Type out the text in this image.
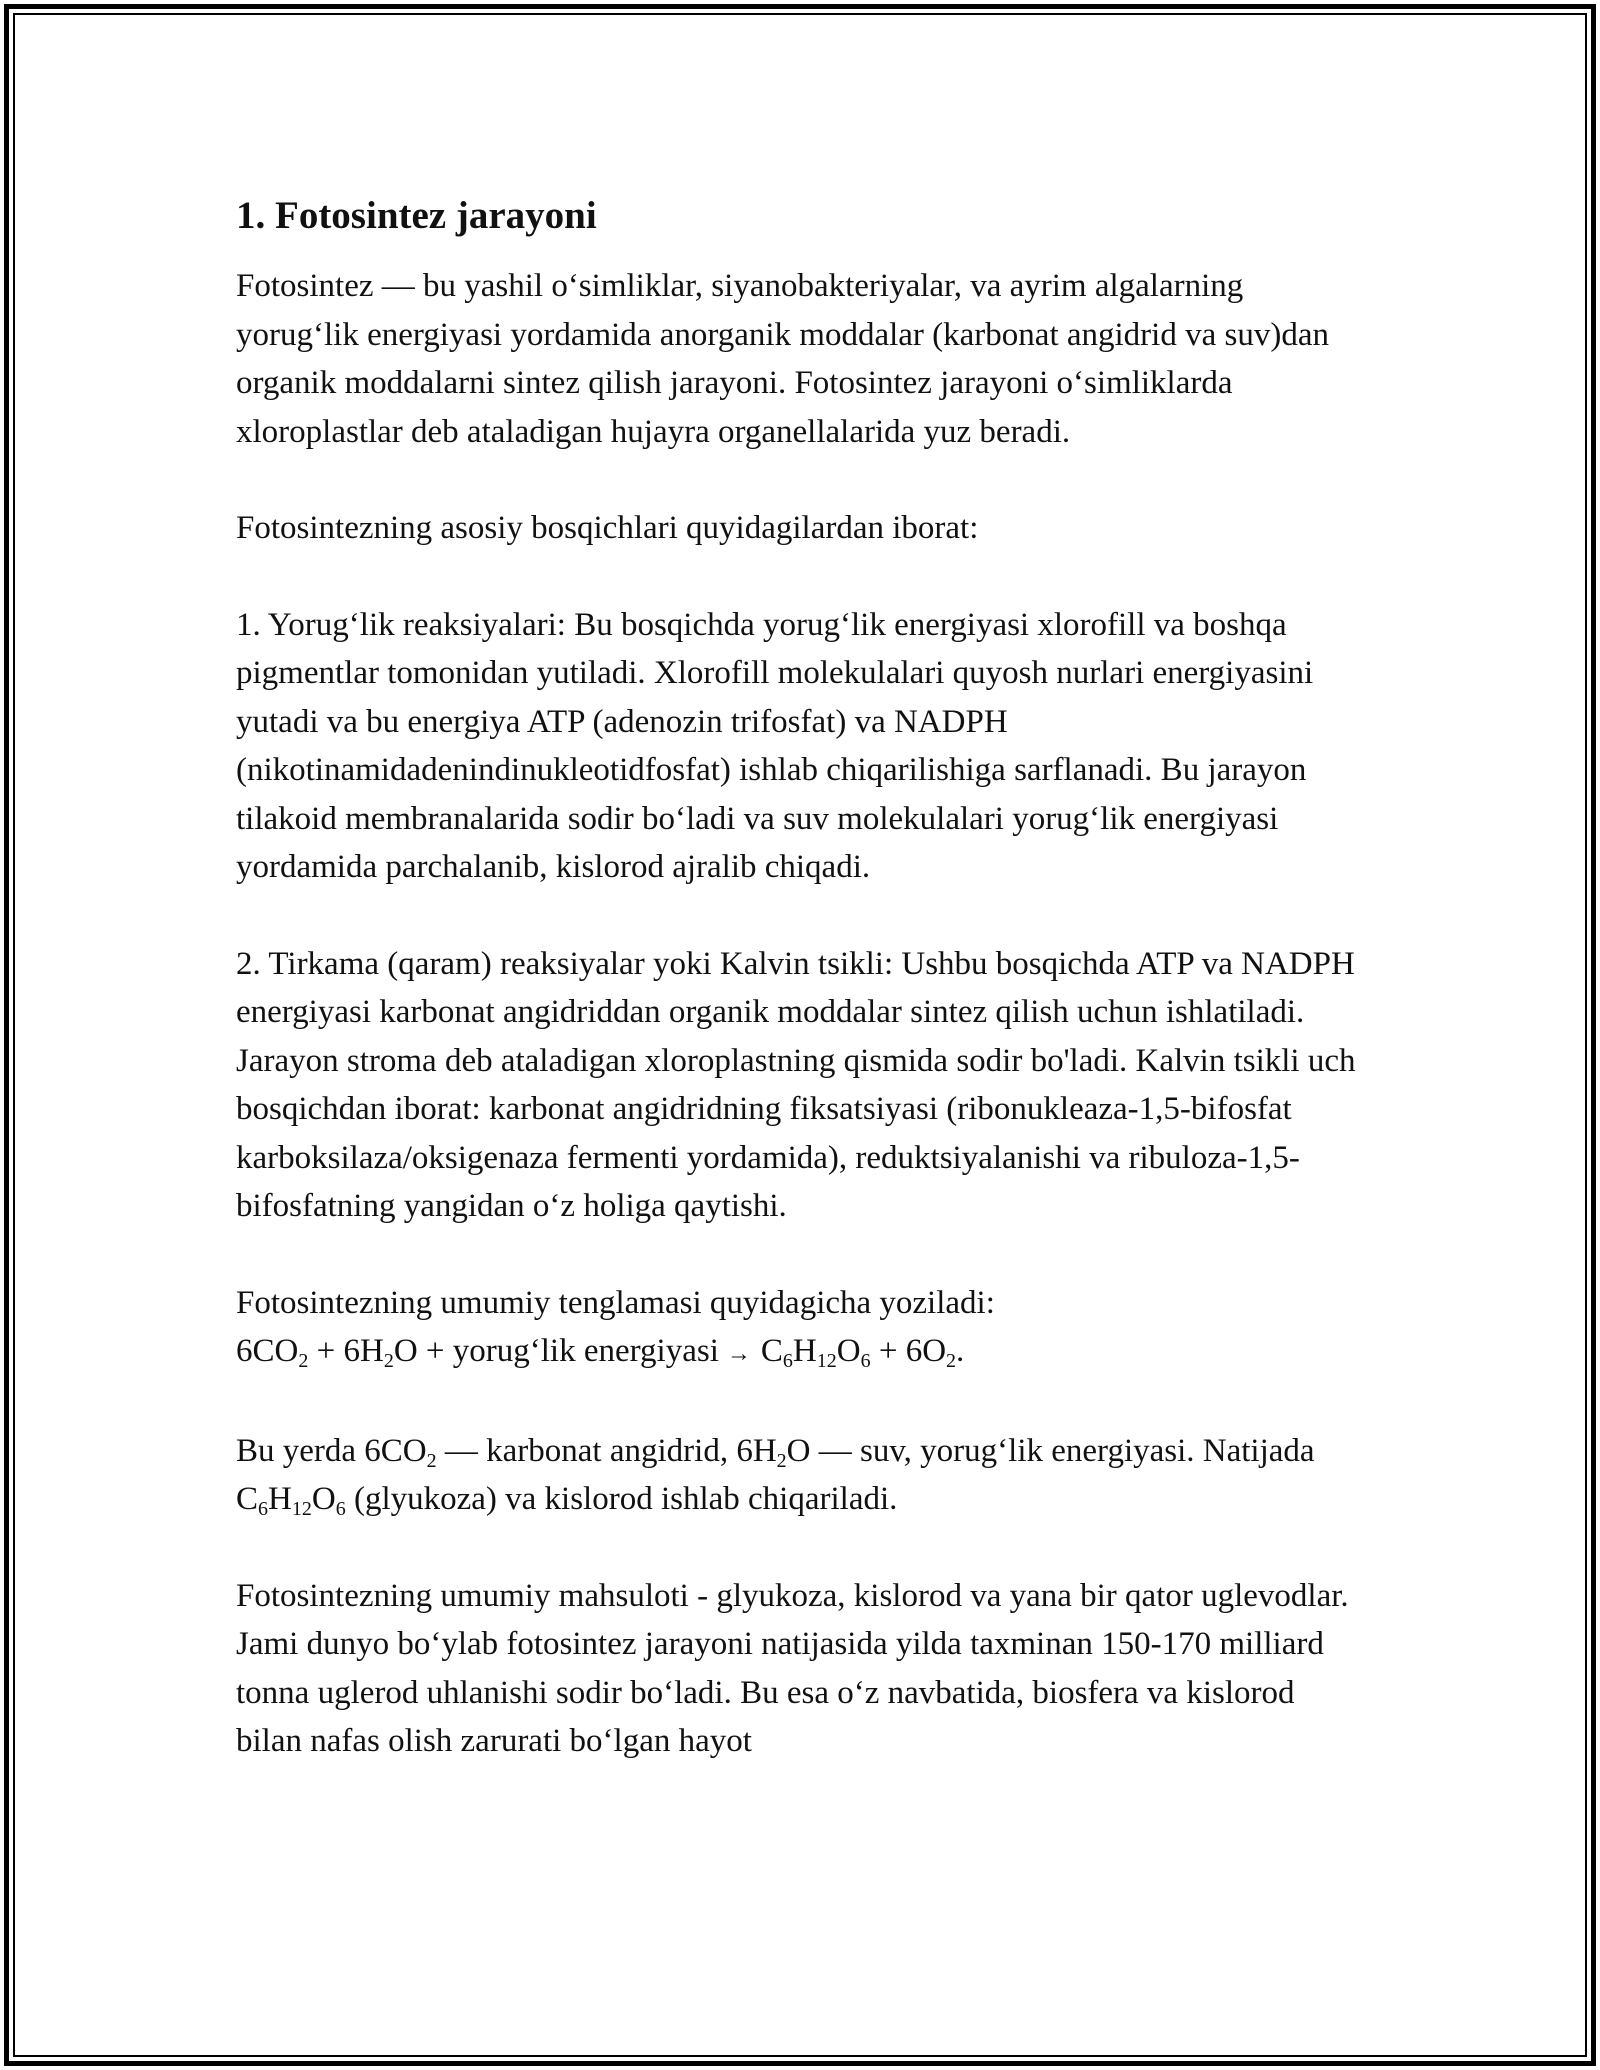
1. Fotosintez jarayoni

Fotosintez — bu yashil o‘simliklar, siyanobakteriyalar, va ayrim algalarning yorug‘lik energiyasi yordamida anorganik moddalar (karbonat angidrid va suv)dan organik moddalarni sintez qilish jarayoni. Fotosintez jarayoni o‘simliklarda xloroplastlar deb ataladigan hujayra organellalarida yuz beradi.

Fotosintezning asosiy bosqichlari quyidagilardan iborat:

1. Yorug‘lik reaksiyalari: Bu bosqichda yorug‘lik energiyasi xlorofill va boshqa pigmentlar tomonidan yutiladi. Xlorofill molekulalari quyosh nurlari energiyasini yutadi va bu energiya ATP (adenozin trifosfat) va NADPH (nikotinamidadenindinukleotidfosfat) ishlab chiqarilishiga sarflanadi. Bu jarayon tilakoid membranalarida sodir bo‘ladi va suv molekulalari yorug‘lik energiyasi yordamida parchalanib, kislorod ajralib chiqadi.

2. Tirkama (qaram) reaksiyalar yoki Kalvin tsikli: Ushbu bosqichda ATP va NADPH energiyasi karbonat angidriddan organik moddalar sintez qilish uchun ishlatiladi. Jarayon stroma deb ataladigan xloroplastning qismida sodir bo'ladi. Kalvin tsikli uch bosqichdan iborat: karbonat angidridning fiksatsiyasi (ribonukleaza-1,5-bifosfat karboksilaza/oksigenaza fermenti yordamida), reduktsiyalanishi va ribuloza-1,5-bifosfatning yangidan o‘z holiga qaytishi.

Fotosintezning umumiy tenglamasi quyidagicha yoziladi:

$6CO_2 + 6H_2O$ + yorug‘lik energiyasi → $C_6H_{12}O_6 + 6O_2$.

Bu yerda $6CO_2$ — karbonat angidrid, $6H_2O$ — suv, yorug‘lik energiyasi. Natijada $C_6H_{12}O_6$ (glyukoza) va kislorod ishlab chiqariladi.

Fotosintezning umumiy mahsuloti - glyukoza, kislorod va yana bir qator uglevodlar. Jami dunyo bo‘ylab fotosintez jarayoni natijasida yilda taxminan 150-170 milliard tonna uglerod uhlanishi sodir bo‘ladi. Bu esa o‘z navbatida, biosfera va kislorod bilan nafas olish zarurati bo‘lgan hayot
